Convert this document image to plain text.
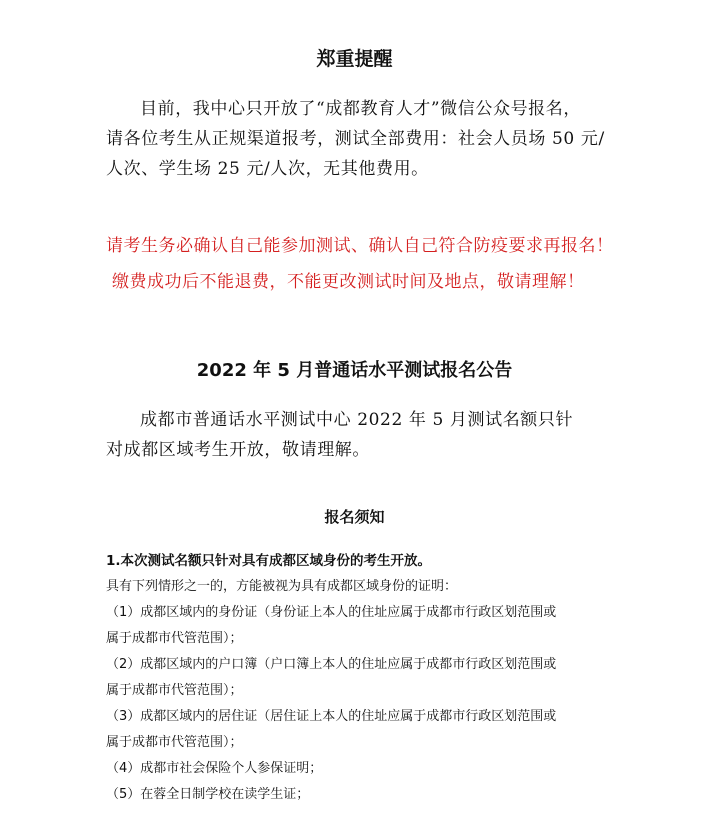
郑重提醒

目前，我中心只开放了“成都教育人才”微信公众号报名，
请各位考生从正规渠道报考，测试全部费用：社会人员场 50 元/
人次、学生场 25 元/人次，无其他费用。

请考生务必确认自己能参加测试、确认自己符合防疫要求再报名！
缴费成功后不能退费，不能更改测试时间及地点，敬请理解！

2022 年 5 月普通话水平测试报名公告

成都市普通话水平测试中心 2022 年 5 月测试名额只针
对成都区域考生开放，敬请理解。

报名须知
1.本次测试名额只针对具有成都区域身份的考生开放。
具有下列情形之一的，方能被视为具有成都区域身份的证明：
（1）成都区域内的身份证（身份证上本人的住址应属于成都市行政区划范围或
属于成都市代管范围）；
（2）成都区域内的户口簿（户口簿上本人的住址应属于成都市行政区划范围或
属于成都市代管范围）；
（3）成都区域内的居住证（居住证上本人的住址应属于成都市行政区划范围或
属于成都市代管范围）；
（4）成都市社会保险个人参保证明；
（5）在蓉全日制学校在读学生证；
